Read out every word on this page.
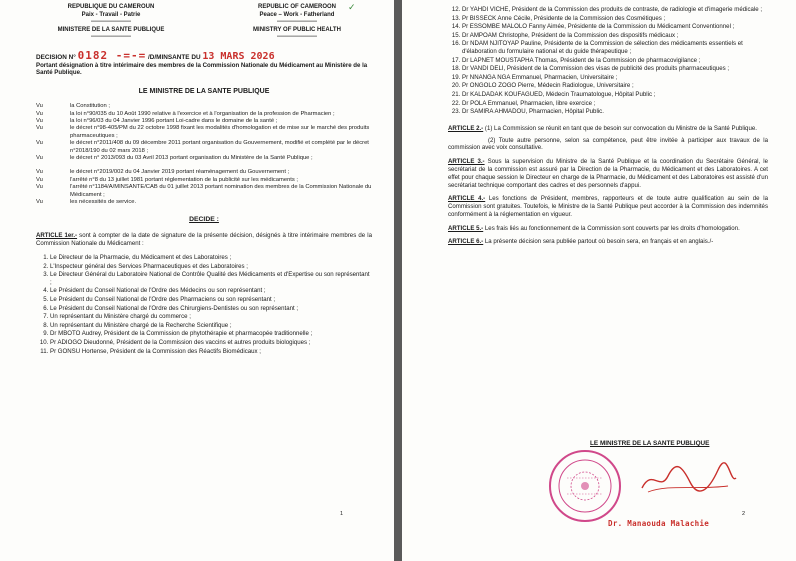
✓
REPUBLIQUE DU CAMEROUN
Paix - Travail - Patrie
--------------------
MINISTERE DE LA SANTE PUBLIQUE
--------------------
REPUBLIC OF CAMEROON
Peace – Work - Fatherland
--------------------
MINISTRY OF PUBLIC HEALTH
--------------------
DECISION N° 0182 -=-= /D/MINSANTE DU 13 MARS 2026
Portant désignation à titre intérimaire des membres de la Commission Nationale du Médicament au Ministère de la Santé Publique.
LE MINISTRE DE LA SANTE PUBLIQUE
Vu	la Constitution ;
Vu	la loi n°90/035 du 10 Août 1990 relative à l'exercice et à l'organisation de la profession de Pharmacien ;
Vu	la loi n°96/03 du 04 Janvier 1996 portant Loi-cadre dans le domaine de la santé ;
Vu	le décret n°98-405/PM du 22 octobre 1998 fixant les modalités d'homologation et de mise sur le marché des produits pharmaceutiques ;
Vu	le décret n°2011/408 du 09 décembre 2011 portant organisation du Gouvernement, modifié et complété par le décret n°2018/190 du 02 mars 2018 ;
Vu	le décret n° 2013/093 du 03 Avril 2013 portant organisation du Ministère de la Santé Publique ;
Vu	le décret n°2019/002 du 04 Janvier 2019 portant réaménagement du Gouvernement ;
Vu	l'arrêté n°8 du 13 juillet 1981 portant réglementation de la publicité sur les médicaments ;
Vu	l'arrêté n°1184/A/MINSANTE/CAB du 01 juillet 2013 portant nomination des membres de la Commission Nationale du Médicament ;
Vu	les nécessités de service.
DECIDE :
ARTICLE 1er.- sont à compter de la date de signature de la présente décision, désignés à titre intérimaire membres de la Commission Nationale du Médicament :
1. Le Directeur de la Pharmacie, du Médicament et des Laboratoires ;
2. L'Inspecteur général des Services Pharmaceutiques et des Laboratoires ;
3. Le Directeur Général du Laboratoire National de Contrôle Qualité des Médicaments et d'Expertise ou son représentant ;
4. Le Président du Conseil National de l'Ordre des Médecins ou son représentant ;
5. Le Président du Conseil National de l'Ordre des Pharmaciens ou son représentant ;
6. Le Président du Conseil National de l'Ordre des Chirurgiens-Dentistes ou son représentant ;
7. Un représentant du Ministère chargé du commerce ;
8. Un représentant du Ministère chargé de la Recherche Scientifique ;
9. Dr MBOTO Audrey, Président de la Commission de phytothérapie et pharmacopée traditionnelle ;
10. Pr ADIOGO Dieudonné, Président de la Commission des vaccins et autres produits biologiques ;
11. Pr GONSU Hortense, Président de la Commission des Réactifs Biomédicaux ;
1
12. Dr YAHDI VICHE, Président de la Commission des produits de contraste, de radiologie et d'imagerie médicale ;
13. Pr BISSECK Anne Cécile, Présidente de la Commission des Cosmétiques ;
14. Pr ESSOMBE MALOLO Fanny Aimée, Présidente de la Commission du Médicament Conventionnel ;
15. Dr AMPOAM Christophe, Président de la Commission des dispositifs médicaux ;
16. Dr NDAM NJITOYAP Pauline, Présidente de la Commission de sélection des médicaments essentiels et d'élaboration du formulaire national et du guide thérapeutique ;
17. Dr LAPNET MOUSTAPHA Thomas, Président de la Commission de pharmacovigilance ;
18. Dr VANDI DELI, Président de la Commission des visas de publicité des produits pharmaceutiques ;
19. Pr NNANGA NGA Emmanuel, Pharmacien, Universitaire ;
20. Pr ONGOLO ZOGO Pierre, Médecin Radiologue, Universitaire ;
21. Dr KALDADAK KOUFAGUED, Médecin Traumatologue, Hôpital Public ;
22. Dr POLA Emmanuel, Pharmacien, libre exercice ;
23. Dr SAMIRA AHMADOU, Pharmacien, Hôpital Public.
ARTICLE 2.- (1) La Commission se réunit en tant que de besoin sur convocation du Ministre de la Santé Publique.
(2) Toute autre personne, selon sa compétence, peut être invitée à participer aux travaux de la commission avec voix consultative.
ARTICLE 3.- Sous la supervision du Ministre de la Santé Publique et la coordination du Secrétaire Général, le secrétariat de la commission est assuré par la Direction de la Pharmacie, du Médicament et des Laboratoires. A cet effet pour chaque session le Directeur en charge de la Pharmacie, du Médicament et des Laboratoires est assisté d'un secrétariat technique comportant des cadres et des personnels d'appui.
ARTICLE 4.- Les fonctions de Président, membres, rapporteurs et de toute autre qualification au sein de la Commission sont gratuites. Toutefois, le Ministre de la Santé Publique peut accorder à la Commission des indemnités conformément à la réglementation en vigueur.
ARTICLE 5.- Les frais liés au fonctionnement de la Commission sont couverts par les droits d'homologation.
ARTICLE 6.- La présente décision sera publiée partout où besoin sera, en français et en anglais./-
LE MINISTRE DE LA SANTE PUBLIQUE
Dr. Manaouda Malachie
2
